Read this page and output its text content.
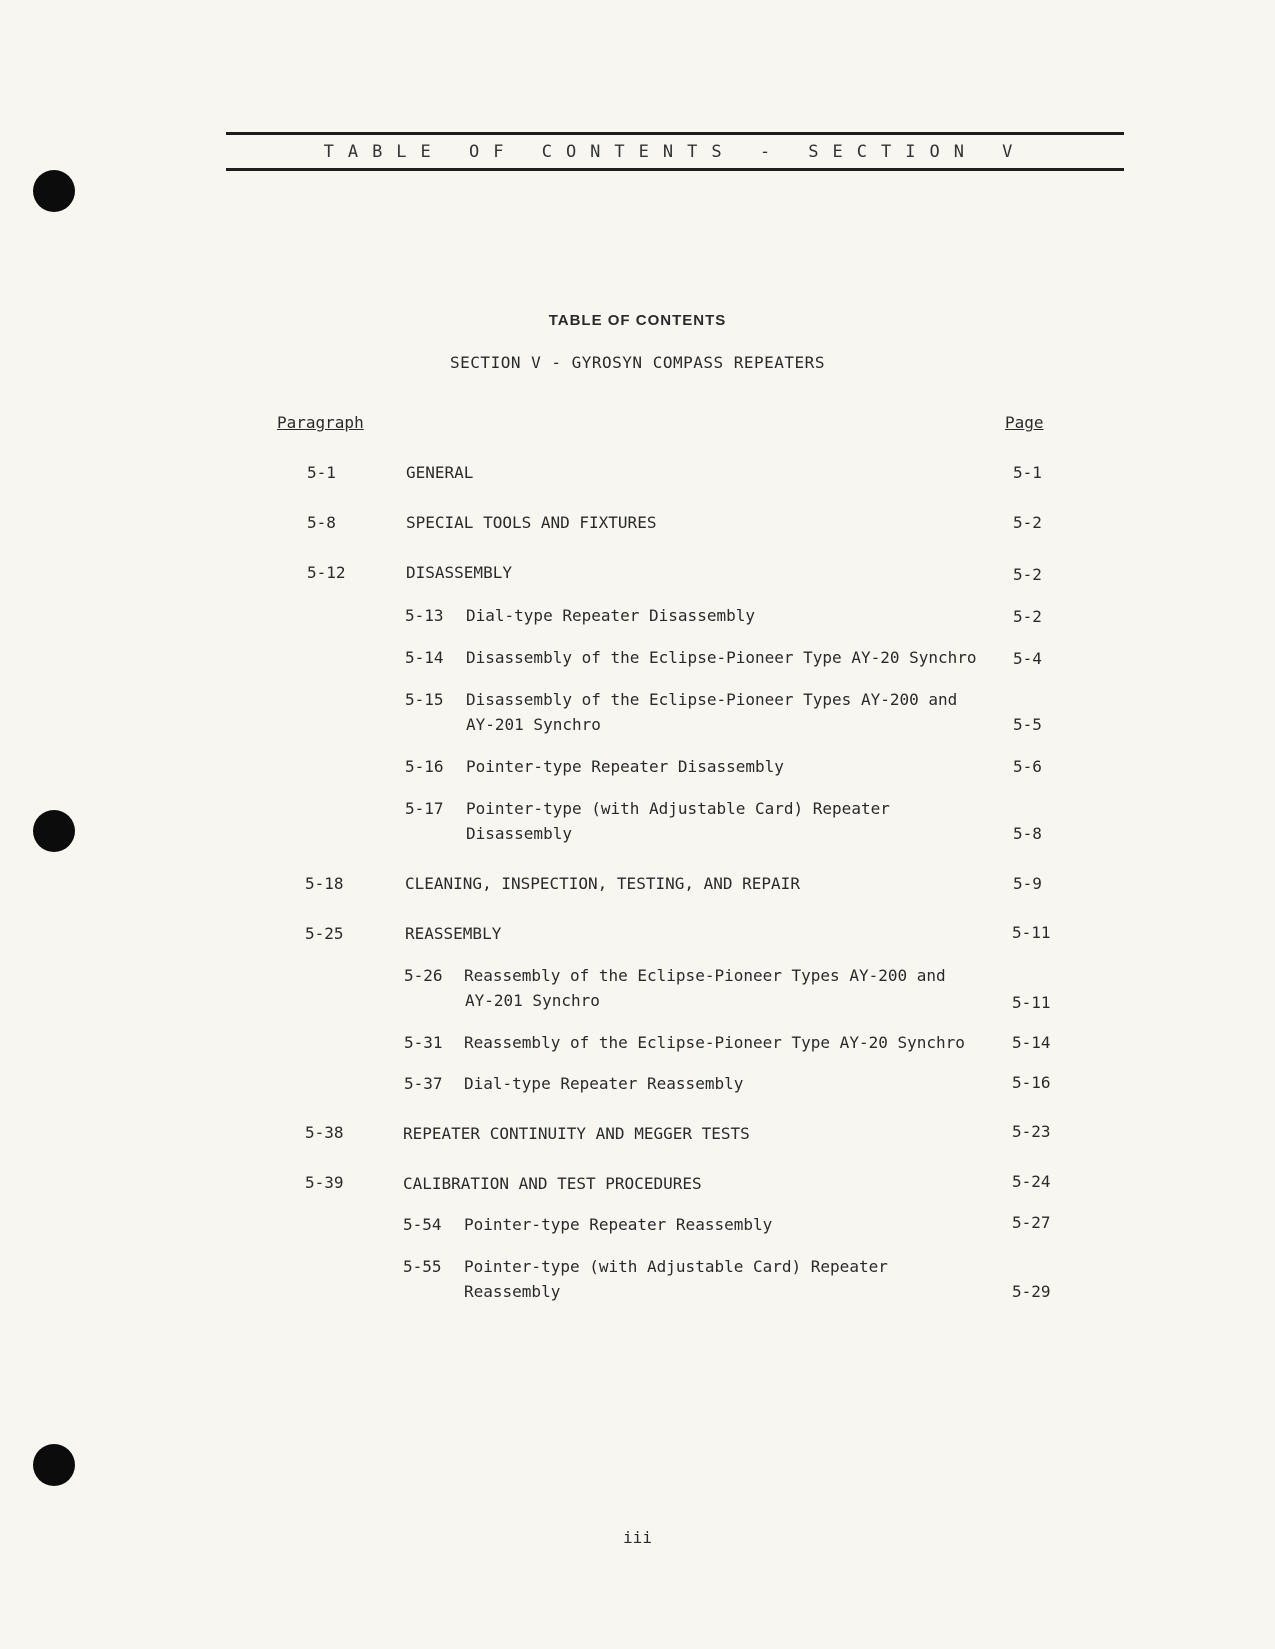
TABLE OF CONTENTS - SECTION V
TABLE OF CONTENTS
SECTION V - GYROSYN COMPASS REPEATERS
Paragraph	Page
5-1	GENERAL	5-1
5-8	SPECIAL TOOLS AND FIXTURES	5-2
5-12	DISASSEMBLY	5-2
5-13 Dial-type Repeater Disassembly	5-2
5-14 Disassembly of the Eclipse-Pioneer Type AY-20 Synchro 5-4
5-15 Disassembly of the Eclipse-Pioneer Types AY-200 and
AY-201 Synchro	5-5
5-16 Pointer-type Repeater Disassembly	5-6
5-17 Pointer-type (with Adjustable Card) Repeater
Disassembly	5-8
5-18	CLEANING, INSPECTION, TESTING, AND REPAIR	5-9
5-25	REASSEMBLY	5-11
5-26 Reassembly of the Eclipse-Pioneer Types AY-200 and
AY-201 Synchro	5-11
5-31 Reassembly of the Eclipse-Pioneer Type AY-20 Synchro	5-14
5-37 Dial-type Repeater Reassembly	5-16
5-38	REPEATER CONTINUITY AND MEGGER TESTS	5-23
5-39	CALIBRATION AND TEST PROCEDURES	5-24
5-54 Pointer-type Repeater Reassembly	5-27
5-55 Pointer-type (with Adjustable Card) Repeater
Reassembly	5-29
iii
